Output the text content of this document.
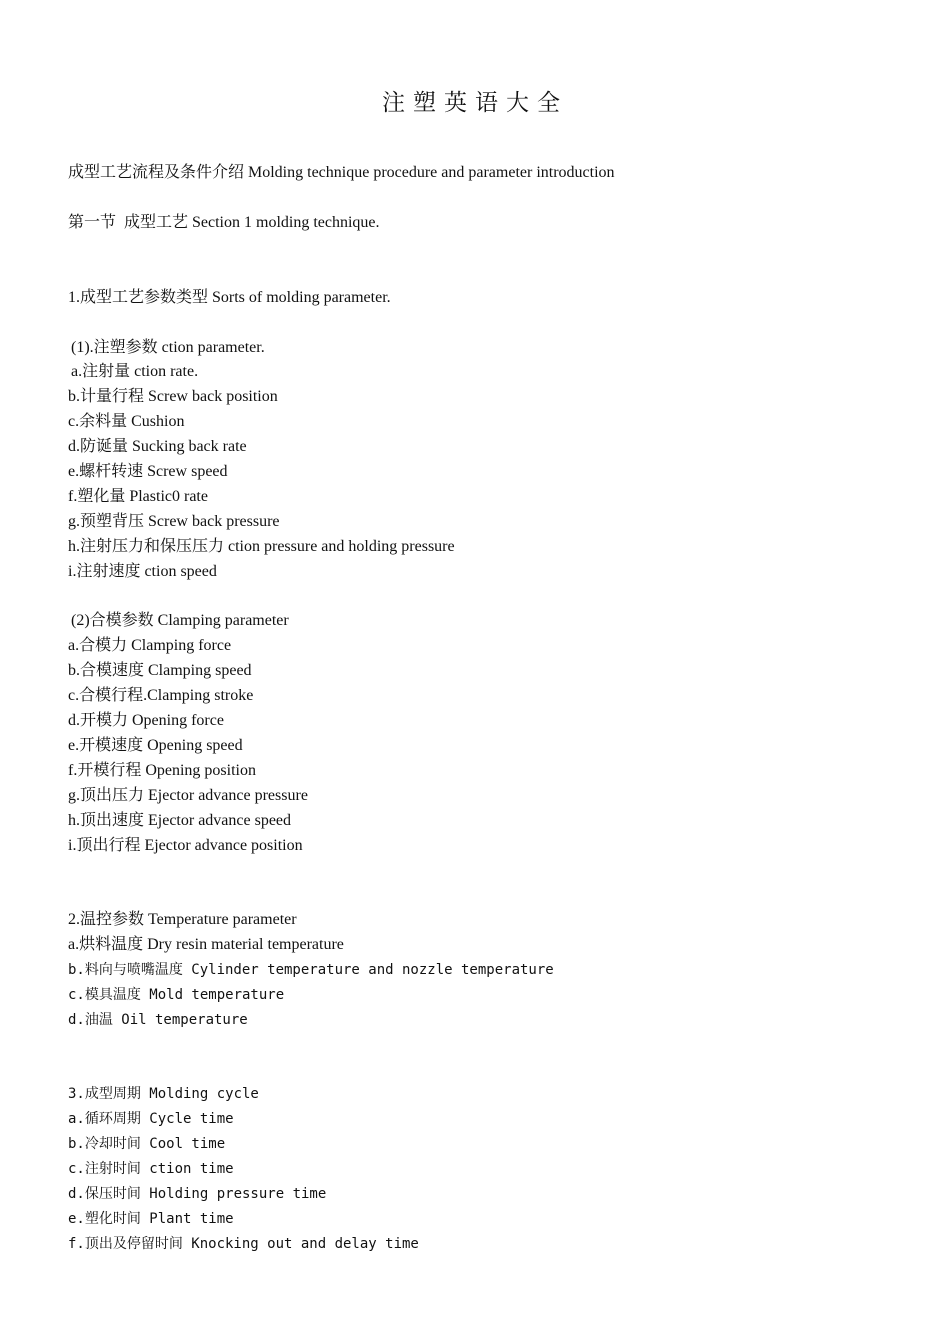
注塑英语大全
成型工艺流程及条件介绍 Molding technique procedure and parameter introduction
第一节  成型工艺 Section 1 molding technique.
1.成型工艺参数类型 Sorts of molding parameter.
(1).注塑参数 ction parameter.
a.注射量 ction rate.
b.计量行程 Screw back position
c.余料量 Cushion
d.防诞量 Sucking back rate
e.螺杆转速 Screw speed
f.塑化量 Plastic0 rate
g.预塑背压 Screw back pressure
h.注射压力和保压压力 ction pressure and holding pressure
i.注射速度 ction speed
(2)合模参数 Clamping parameter
a.合模力 Clamping force
b.合模速度 Clamping speed
c.合模行程.Clamping stroke
d.开模力 Opening force
e.开模速度 Opening speed
f.开模行程 Opening position
g.顶出压力 Ejector advance pressure
h.顶出速度 Ejector advance speed
i.顶出行程 Ejector advance position
2.温控参数 Temperature parameter
a.烘料温度 Dry resin material temperature
b.料向与喷嘴温度 Cylinder temperature and nozzle temperature
c.模具温度 Mold temperature
d.油温 Oil temperature
3.成型周期 Molding cycle
a.循环周期 Cycle time
b.冷却时间 Cool time
c.注射时间 ction time
d.保压时间 Holding pressure time
e.塑化时间 Plant time
f.顶出及停留时间 Knocking out and delay time
